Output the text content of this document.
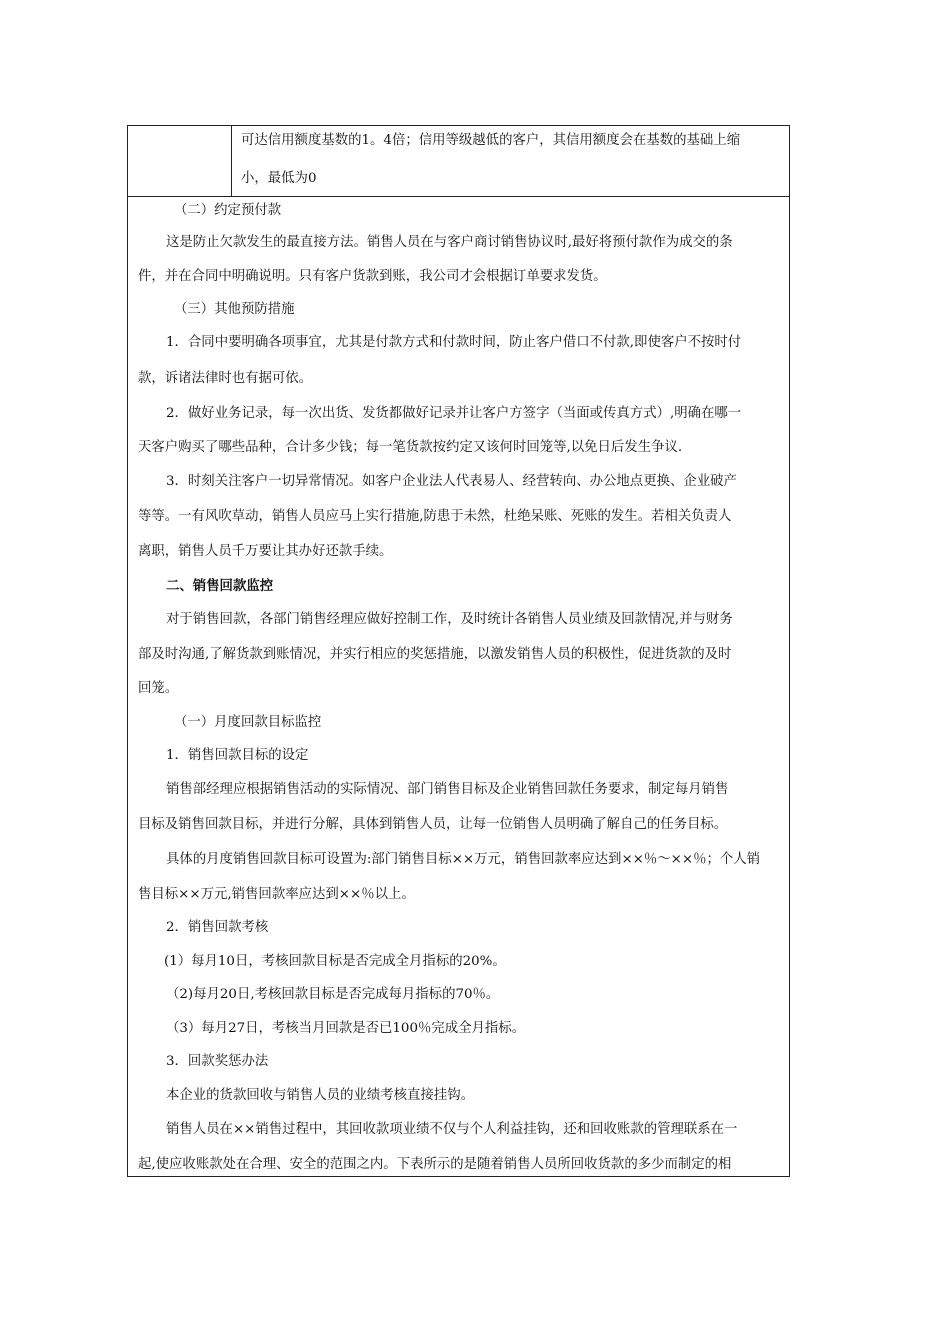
可达信用额度基数的1。4倍；信用等级越低的客户，其信用额度会在基数的基础上缩
小，最低为0
（二）约定预付款
这是防止欠款发生的最直接方法。销售人员在与客户商讨销售协议时,最好将预付款作为成交的条
件，并在合同中明确说明。只有客户货款到账，我公司才会根据订单要求发货。
（三）其他预防措施
1．合同中要明确各项事宜，尤其是付款方式和付款时间，防止客户借口不付款,即使客户不按时付
款，诉诸法律时也有据可依。
2．做好业务记录，每一次出货、发货都做好记录并让客户方签字（当面或传真方式）,明确在哪一
天客户购买了哪些品种，合计多少钱；每一笔货款按约定又该何时回笼等,以免日后发生争议.
3．时刻关注客户一切异常情况。如客户企业法人代表易人、经营转向、办公地点更换、企业破产
等等。一有风吹草动，销售人员应马上实行措施,防患于未然，杜绝呆账、死账的发生。若相关负责人
离职，销售人员千万要让其办好还款手续。
二、销售回款监控
对于销售回款，各部门销售经理应做好控制工作，及时统计各销售人员业绩及回款情况,并与财务
部及时沟通,了解货款到账情况，并实行相应的奖惩措施，以激发销售人员的积极性，促进货款的及时
回笼。
（一）月度回款目标监控
1．销售回款目标的设定
销售部经理应根据销售活动的实际情况、部门销售目标及企业销售回款任务要求，制定每月销售
目标及销售回款目标，并进行分解，具体到销售人员，让每一位销售人员明确了解自己的任务目标。
具体的月度销售回款目标可设置为:部门销售目标××万元，销售回款率应达到××％～××％；个人销
售目标××万元,销售回款率应达到××％以上。
2．销售回款考核
(1）每月10日，考核回款目标是否完成全月指标的20%。
（2)每月20日,考核回款目标是否完成每月指标的70％。
（3）每月27日，考核当月回款是否已100％完成全月指标。
3．回款奖惩办法
本企业的货款回收与销售人员的业绩考核直接挂钩。
销售人员在××销售过程中，其回收款项业绩不仅与个人利益挂钩，还和回收账款的管理联系在一
起,使应收账款处在合理、安全的范围之内。下表所示的是随着销售人员所回收货款的多少而制定的相
